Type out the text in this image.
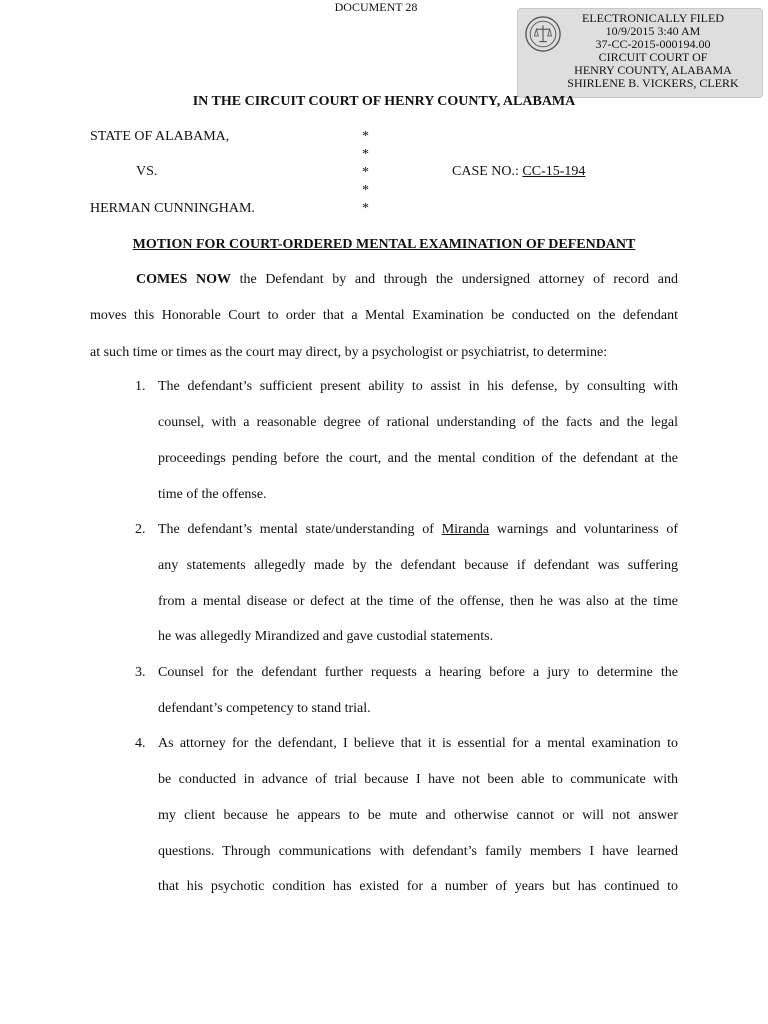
DOCUMENT 28
ELECTRONICALLY FILED
10/9/2015 3:40 AM
37-CC-2015-000194.00
CIRCUIT COURT OF
HENRY COUNTY, ALABAMA
SHIRLENE B. VICKERS, CLERK
IN THE CIRCUIT COURT OF HENRY COUNTY, ALABAMA
STATE OF ALABAMA,
VS.
HERMAN CUNNINGHAM.
*
*
*
*
*
CASE NO.: CC-15-194
MOTION FOR COURT-ORDERED MENTAL EXAMINATION OF DEFENDANT
COMES NOW the Defendant by and through the undersigned attorney of record and
moves this Honorable Court to order that a Mental Examination be conducted on the defendant
at such time or times as the court may direct, by a psychologist or psychiatrist, to determine:
1. The defendant’s sufficient present ability to assist in his defense, by consulting with
counsel, with a reasonable degree of rational understanding of the facts and the legal
proceedings pending before the court, and the mental condition of the defendant at the
time of the offense.
2. The defendant’s mental state/understanding of Miranda warnings and voluntariness of
any statements allegedly made by the defendant because if defendant was suffering
from a mental disease or defect at the time of the offense, then he was also at the time
he was allegedly Mirandized and gave custodial statements.
3. Counsel for the defendant further requests a hearing before a jury to determine the
defendant’s competency to stand trial.
4. As attorney for the defendant, I believe that it is essential for a mental examination to
be conducted in advance of trial because I have not been able to communicate with
my client because he appears to be mute and otherwise cannot or will not answer
questions. Through communications with defendant’s family members I have learned
that his psychotic condition has existed for a number of years but has continued to
